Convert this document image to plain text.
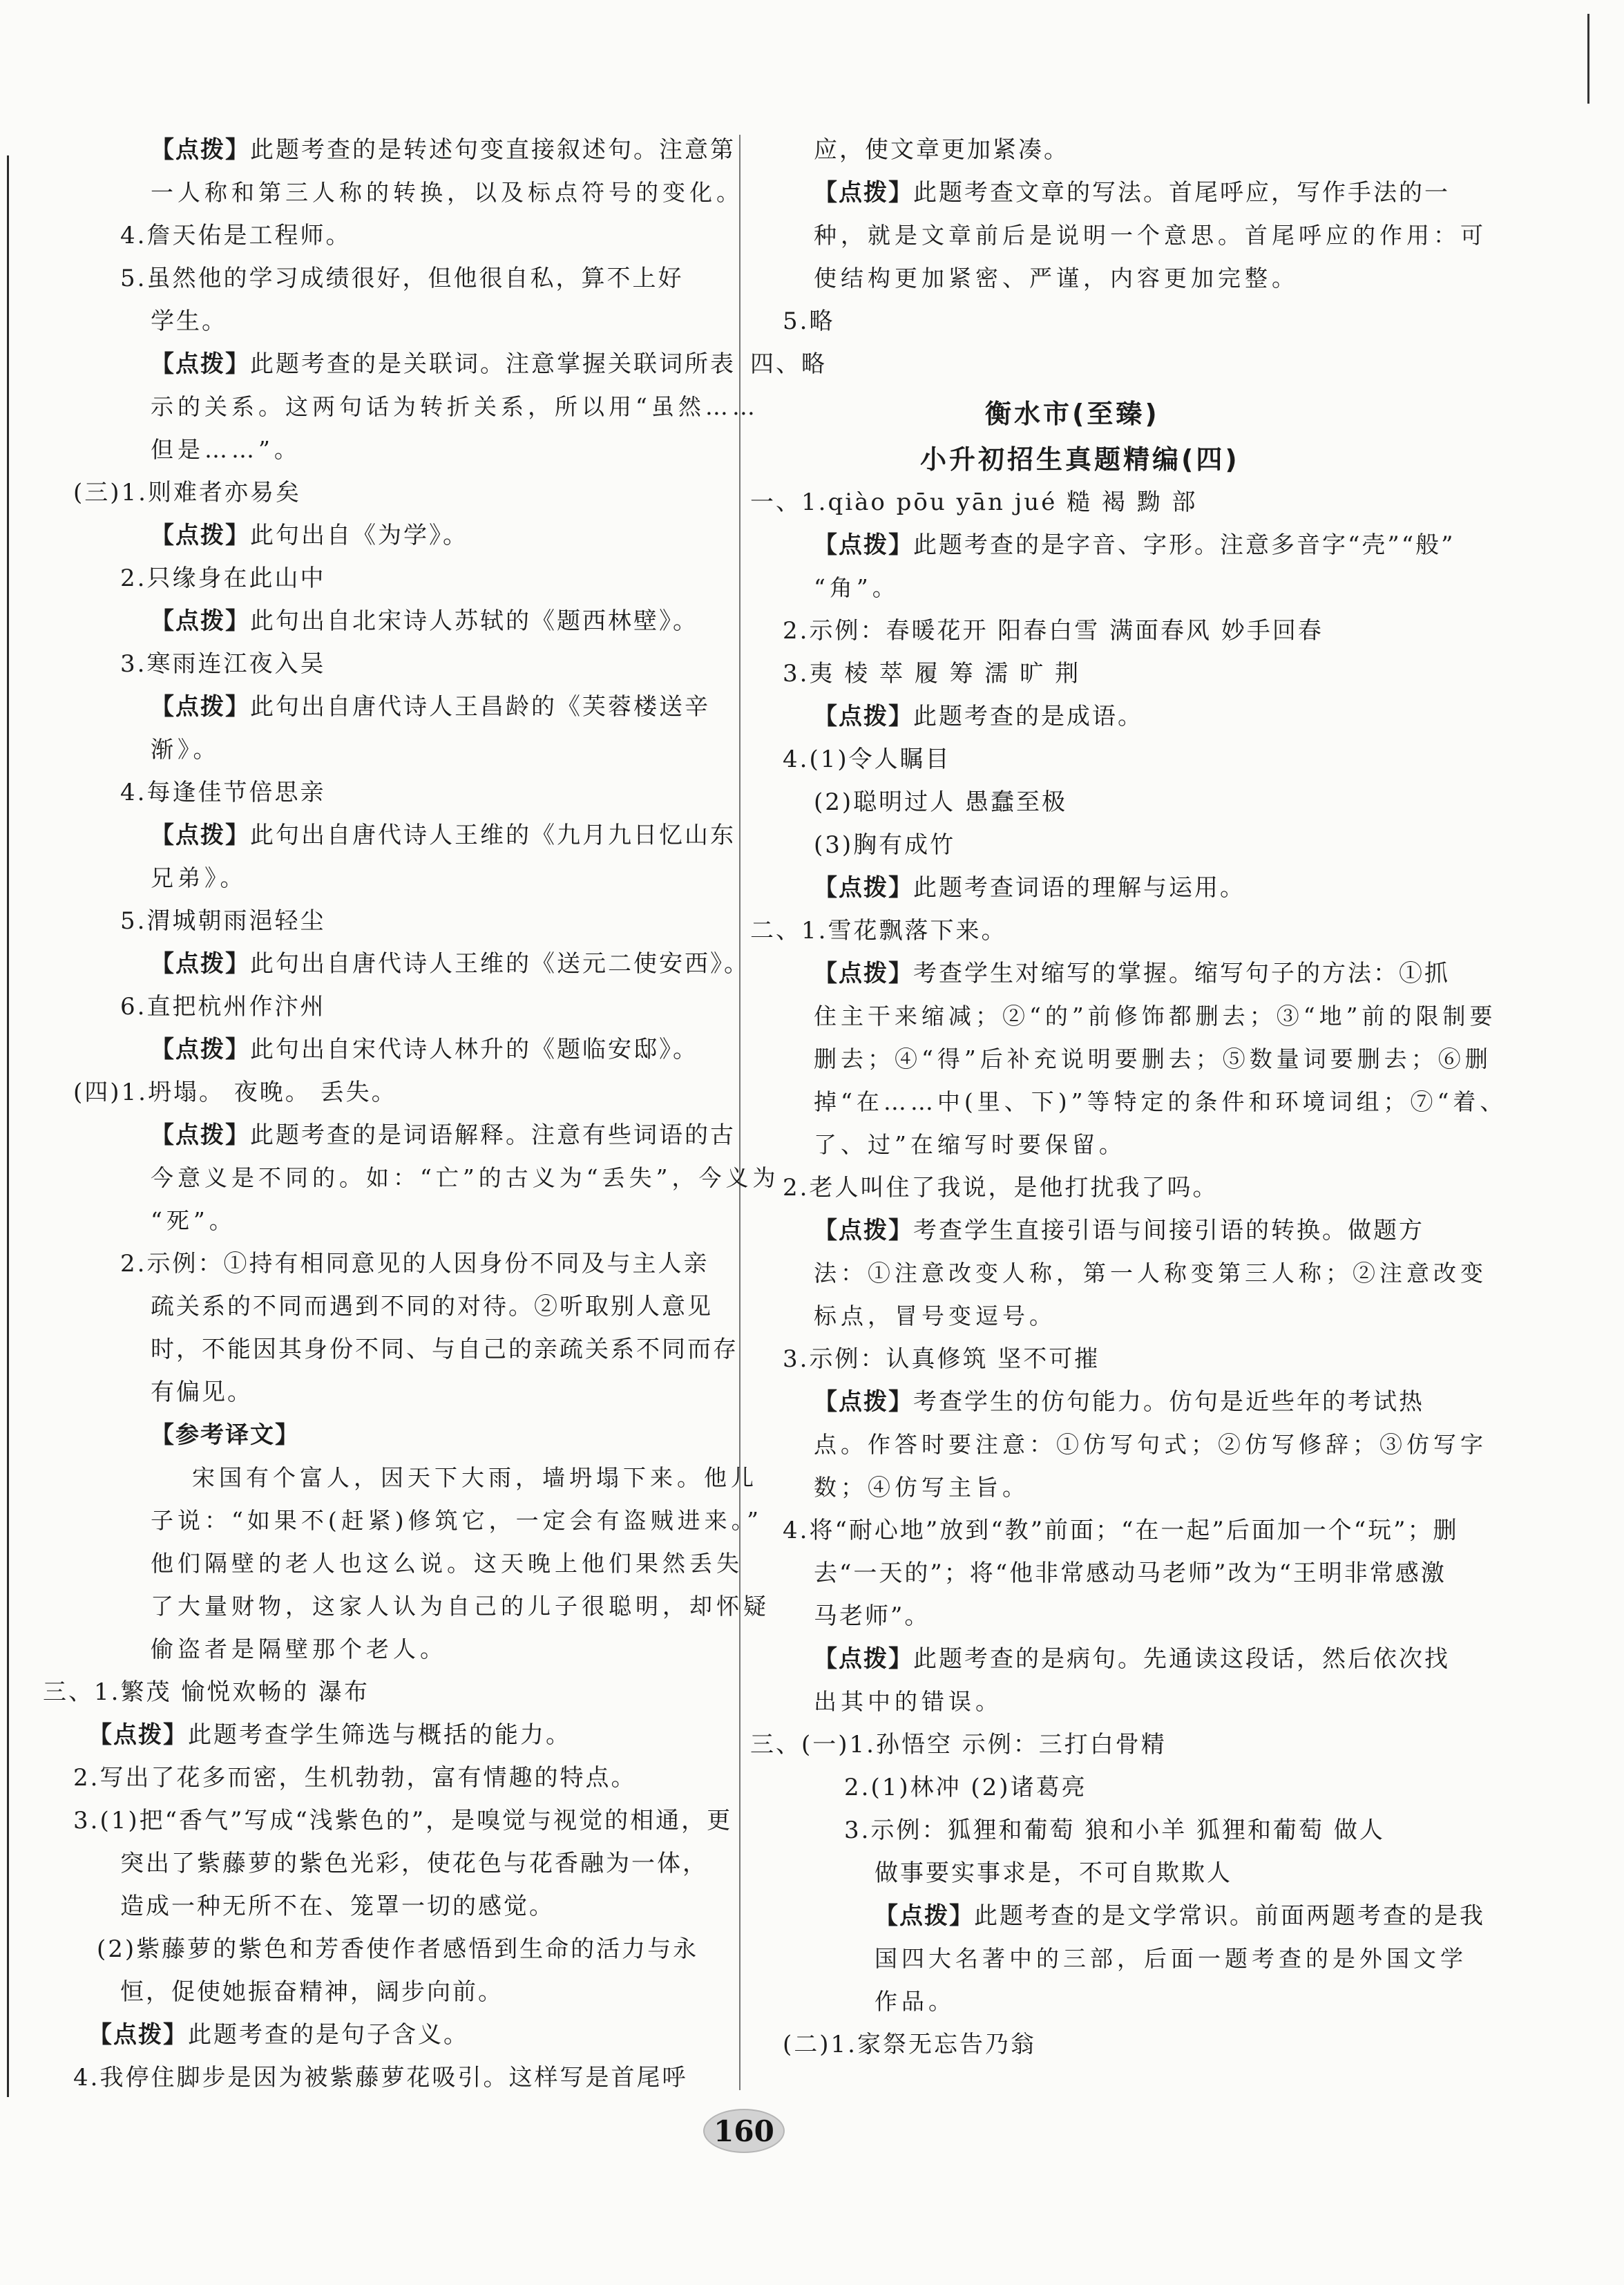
【点拨】此题考查的是转述句变直接叙述句。注意第

一人称和第三人称的转换，以及标点符号的变化。

4.詹天佑是工程师。

5.虽然他的学习成绩很好，但他很自私，算不上好

学生。

【点拨】此题考查的是关联词。注意掌握关联词所表

示的关系。这两句话为转折关系，所以用“虽然……

但是……”。

(三)1.则难者亦易矣

【点拨】此句出自《为学》。

2.只缘身在此山中

【点拨】此句出自北宋诗人苏轼的《题西林壁》。

3.寒雨连江夜入吴

【点拨】此句出自唐代诗人王昌龄的《芙蓉楼送辛

渐》。

4.每逢佳节倍思亲

【点拨】此句出自唐代诗人王维的《九月九日忆山东

兄弟》。

5.渭城朝雨浥轻尘

【点拨】此句出自唐代诗人王维的《送元二使安西》。

6.直把杭州作汴州

【点拨】此句出自宋代诗人林升的《题临安邸》。

(四)1.坍塌。 夜晚。 丢失。

【点拨】此题考查的是词语解释。注意有些词语的古

今意义是不同的。如：“亡”的古义为“丢失”，今义为

“死”。

2.示例：①持有相同意见的人因身份不同及与主人亲

疏关系的不同而遇到不同的对待。②听取别人意见

时，不能因其身份不同、与自己的亲疏关系不同而存

有偏见。

【参考译文】

宋国有个富人，因天下大雨，墙坍塌下来。他儿

子说：“如果不(赶紧)修筑它，一定会有盗贼进来。”

他们隔壁的老人也这么说。这天晚上他们果然丢失

了大量财物，这家人认为自己的儿子很聪明，却怀疑

偷盗者是隔壁那个老人。

三、1.繁茂 愉悦欢畅的 瀑布

【点拨】此题考查学生筛选与概括的能力。

2.写出了花多而密，生机勃勃，富有情趣的特点。

3.(1)把“香气”写成“浅紫色的”，是嗅觉与视觉的相通，更

突出了紫藤萝的紫色光彩，使花色与花香融为一体，

造成一种无所不在、笼罩一切的感觉。

(2)紫藤萝的紫色和芳香使作者感悟到生命的活力与永

恒，促使她振奋精神，阔步向前。

【点拨】此题考查的是句子含义。

4.我停住脚步是因为被紫藤萝花吸引。这样写是首尾呼

应，使文章更加紧凑。

【点拨】此题考查文章的写法。首尾呼应，写作手法的一

种，就是文章前后是说明一个意思。首尾呼应的作用：可

使结构更加紧密、严谨，内容更加完整。

5.略

四、略

衡水市(至臻)

小升初招生真题精编(四)

一、1.qiào pōu yān jué 糙 褐 黝 部

【点拨】此题考查的是字音、字形。注意多音字“壳”“般”

“角”。

2.示例：春暖花开 阳春白雪 满面春风 妙手回春

3.夷 棱 萃 履 筹 濡 旷 荆

【点拨】此题考查的是成语。

4.(1)令人瞩目

(2)聪明过人 愚蠢至极

(3)胸有成竹

【点拨】此题考查词语的理解与运用。

二、1.雪花飘落下来。

【点拨】考查学生对缩写的掌握。缩写句子的方法：①抓

住主干来缩减；②“的”前修饰都删去；③“地”前的限制要

删去；④“得”后补充说明要删去；⑤数量词要删去；⑥删

掉“在……中(里、下)”等特定的条件和环境词组；⑦“着、

了、过”在缩写时要保留。

2.老人叫住了我说，是他打扰我了吗。

【点拨】考查学生直接引语与间接引语的转换。做题方

法：①注意改变人称，第一人称变第三人称；②注意改变

标点，冒号变逗号。

3.示例：认真修筑 坚不可摧

【点拨】考查学生的仿句能力。仿句是近些年的考试热

点。作答时要注意：①仿写句式；②仿写修辞；③仿写字

数；④仿写主旨。

4.将“耐心地”放到“教”前面；“在一起”后面加一个“玩”；删

去“一天的”；将“他非常感动马老师”改为“王明非常感激

马老师”。

【点拨】此题考查的是病句。先通读这段话，然后依次找

出其中的错误。

三、(一)1.孙悟空 示例：三打白骨精

2.(1)林冲 (2)诸葛亮

3.示例：狐狸和葡萄 狼和小羊 狐狸和葡萄 做人

做事要实事求是，不可自欺欺人

【点拨】此题考查的是文学常识。前面两题考查的是我

国四大名著中的三部，后面一题考查的是外国文学

作品。

(二)1.家祭无忘告乃翁

160
